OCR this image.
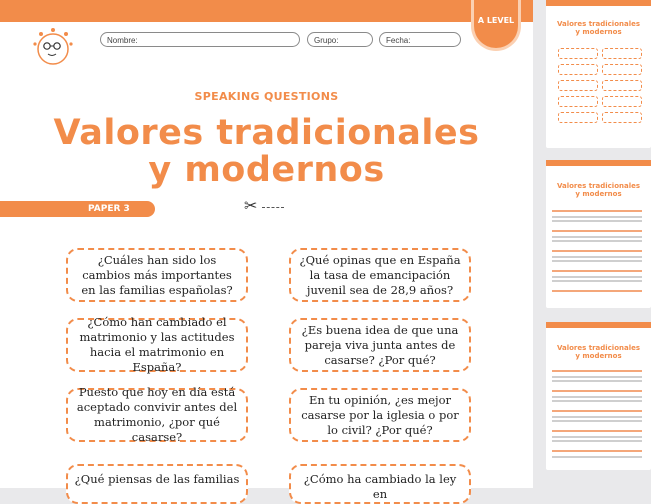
A LEVEL
Nombre:	Grupo:	Fecha:
SPEAKING QUESTIONS
Valores tradicionales
y modernos
PAPER 3	✂
¿Cuáles han sido los cambios más importantes en las familias españolas?
¿Qué opinas que en España la tasa de emancipación juvenil sea de 28,9 años?
¿Cómo han cambiado el matrimonio y las actitudes hacia el matrimonio en España?
¿Es buena idea de que una pareja viva junta antes de casarse? ¿Por qué?
Puesto que hoy en día está aceptado convivir antes del matrimonio, ¿por qué casarse?
En tu opinión, ¿es mejor casarse por la iglesia o por lo civil? ¿Por qué?
¿Qué piensas de las familias	¿Cómo ha cambiado la ley en
Valores tradicionales
y modernos
Valores tradicionales
y modernos
Valores tradicionales
y modernos
